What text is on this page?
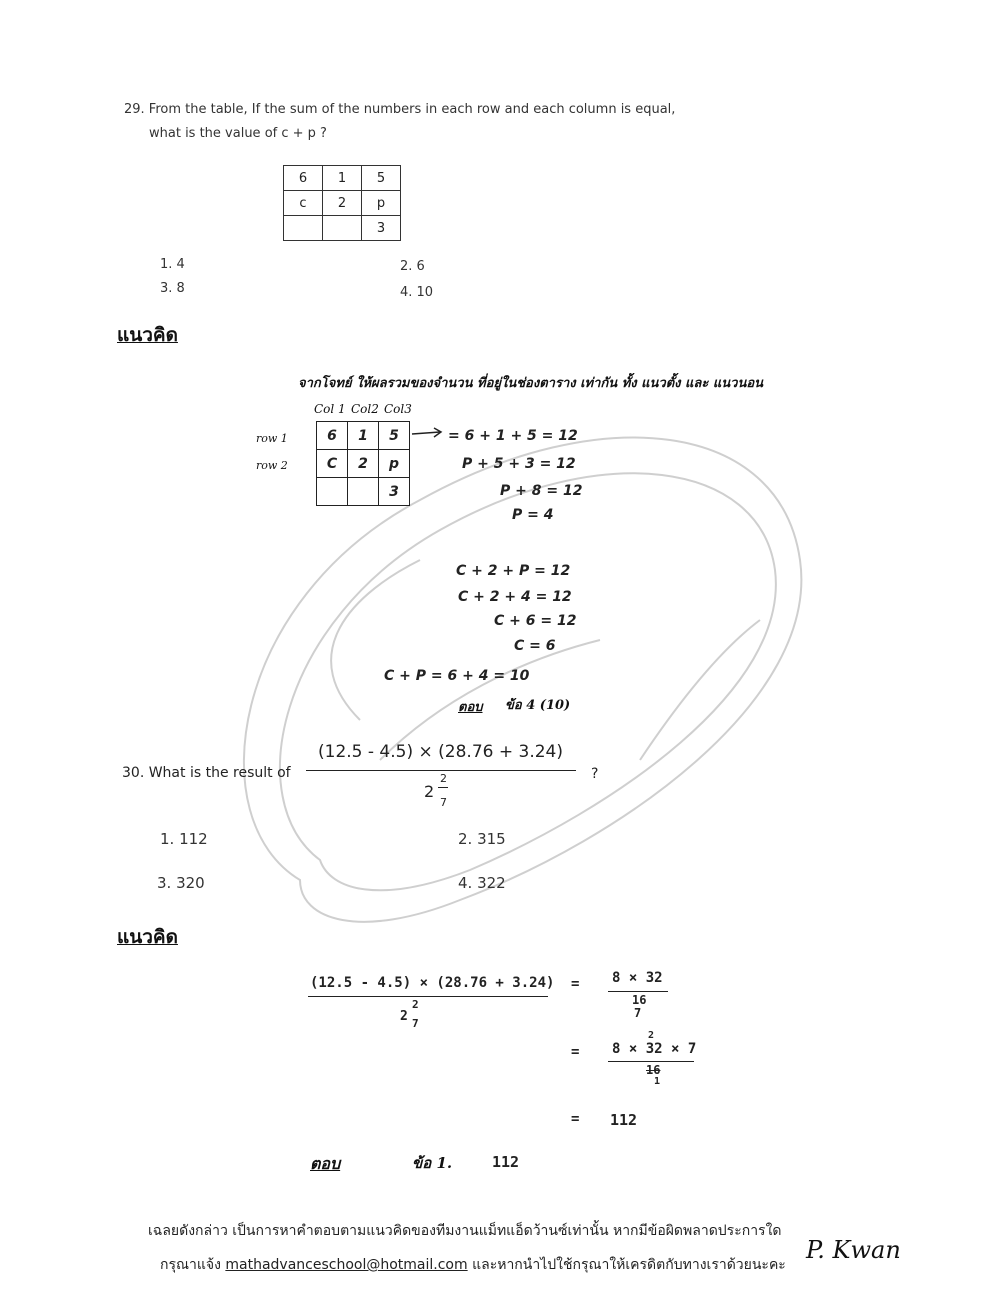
29. From the table, If the sum of the numbers in each row and each column is equal,
what is the value of c + p ?
6	1	5
c	2	p
		3
1. 4	2. 6
3. 8	4. 10
แนวคิด
จากโจทย์ ให้ผลรวมของจำนวน ที่อยู่ในช่องตาราง เท่ากัน ทั้ง แนวตั้ง และ แนวนอน
Col 1 Col2 Col3
row 1
row 2
6	1	5
C	2	p
		3
= 6 + 1 + 5 = 12
P + 5 + 3 = 12
P + 8 = 12
P = 4
C + 2 + P = 12
C + 2 + 4 = 12
C + 6 = 12
C = 6
C + P = 6 + 4 = 10
ตอบ ข้อ 4 (10)
30. What is the result of
(12.5 - 4.5) × (28.76 + 3.24)
2
2
7
?
1. 112	2. 315
3. 320	4. 322
แนวคิด
(12.5 - 4.5) × (28.76 + 3.24)
2
2
7
= 8 × 32
16
7
=
2
8 × 32 × 7
16
1
= 112
ตอบ	ข้อ 1.	112
เฉลยดังกล่าว เป็นการหาคำตอบตามแนวคิดของทีมงานแม็ทแอ็ดว้านซ์เท่านั้น หากมีข้อผิดพลาดประการใด
กรุณาแจ้ง mathadvanceschool@hotmail.com และหากนำไปใช้กรุณาให้เครดิตกับทางเราด้วยนะคะ
P. Kwan
